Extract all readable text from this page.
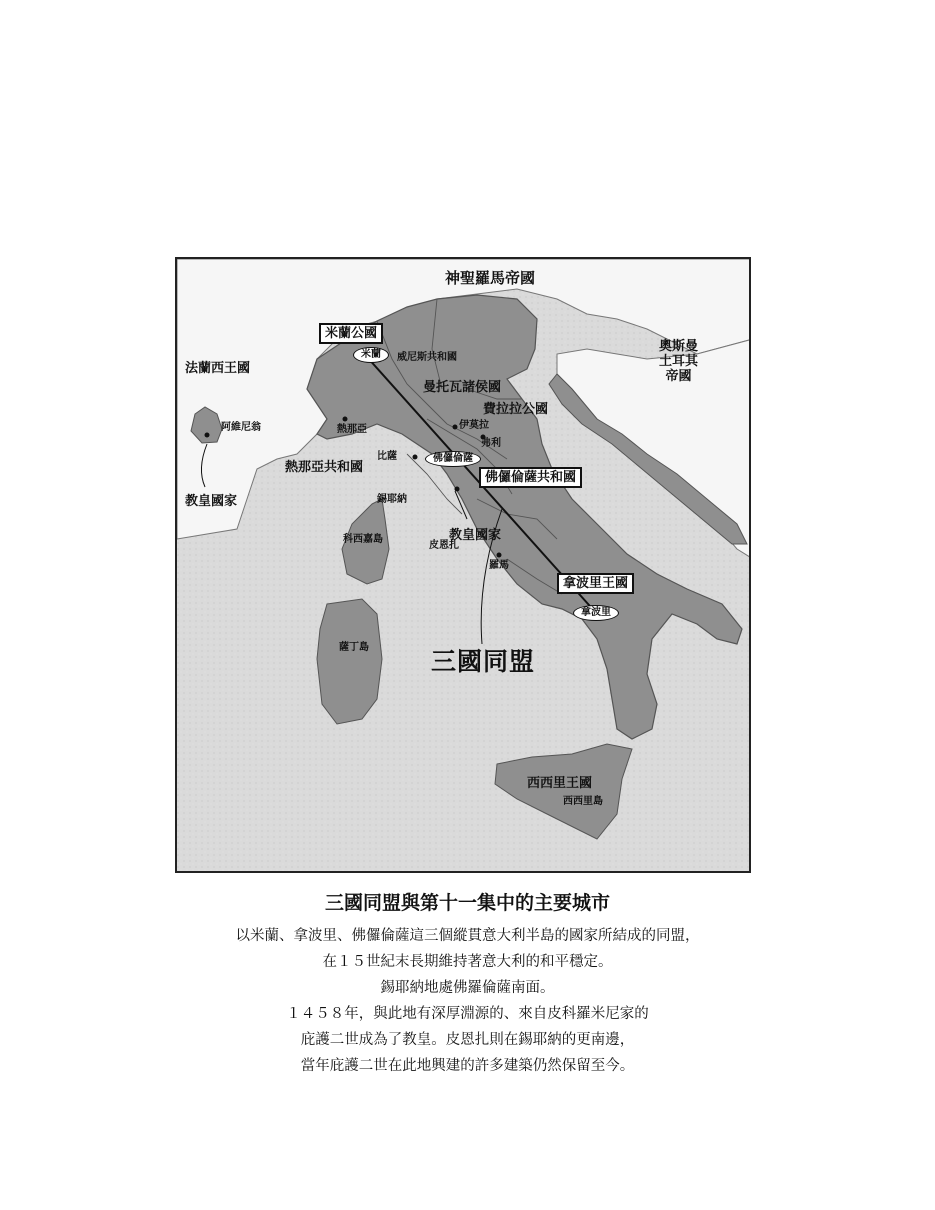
神聖羅馬帝國
奧斯曼
土耳其
帝國
法蘭西王國
米蘭公國
米蘭	威尼斯共和國
曼托瓦諸侯國
費拉拉公國
熱那亞	伊莫拉
弗利
比薩	佛儸倫薩
熱那亞共和國
佛儸倫薩共和國
錫耶納
教皇國家
阿維尼翁
科西嘉島	教皇國家
皮恩扎
羅馬
拿波里王國
拿波里
薩丁島 三國同盟
西西里王國
西西里島

三國同盟與第十一集中的主要城市

以米蘭、拿波里、佛儸倫薩這三個縱貫意大利半島的國家所結成的同盟，

在１５世紀末長期維持著意大利的和平穩定。

錫耶納地處佛羅倫薩南面。

１４５８年，與此地有深厚淵源的、來自皮科羅米尼家的

庇護二世成為了教皇。皮恩扎則在錫耶納的更南邊，

當年庇護二世在此地興建的許多建築仍然保留至今。
